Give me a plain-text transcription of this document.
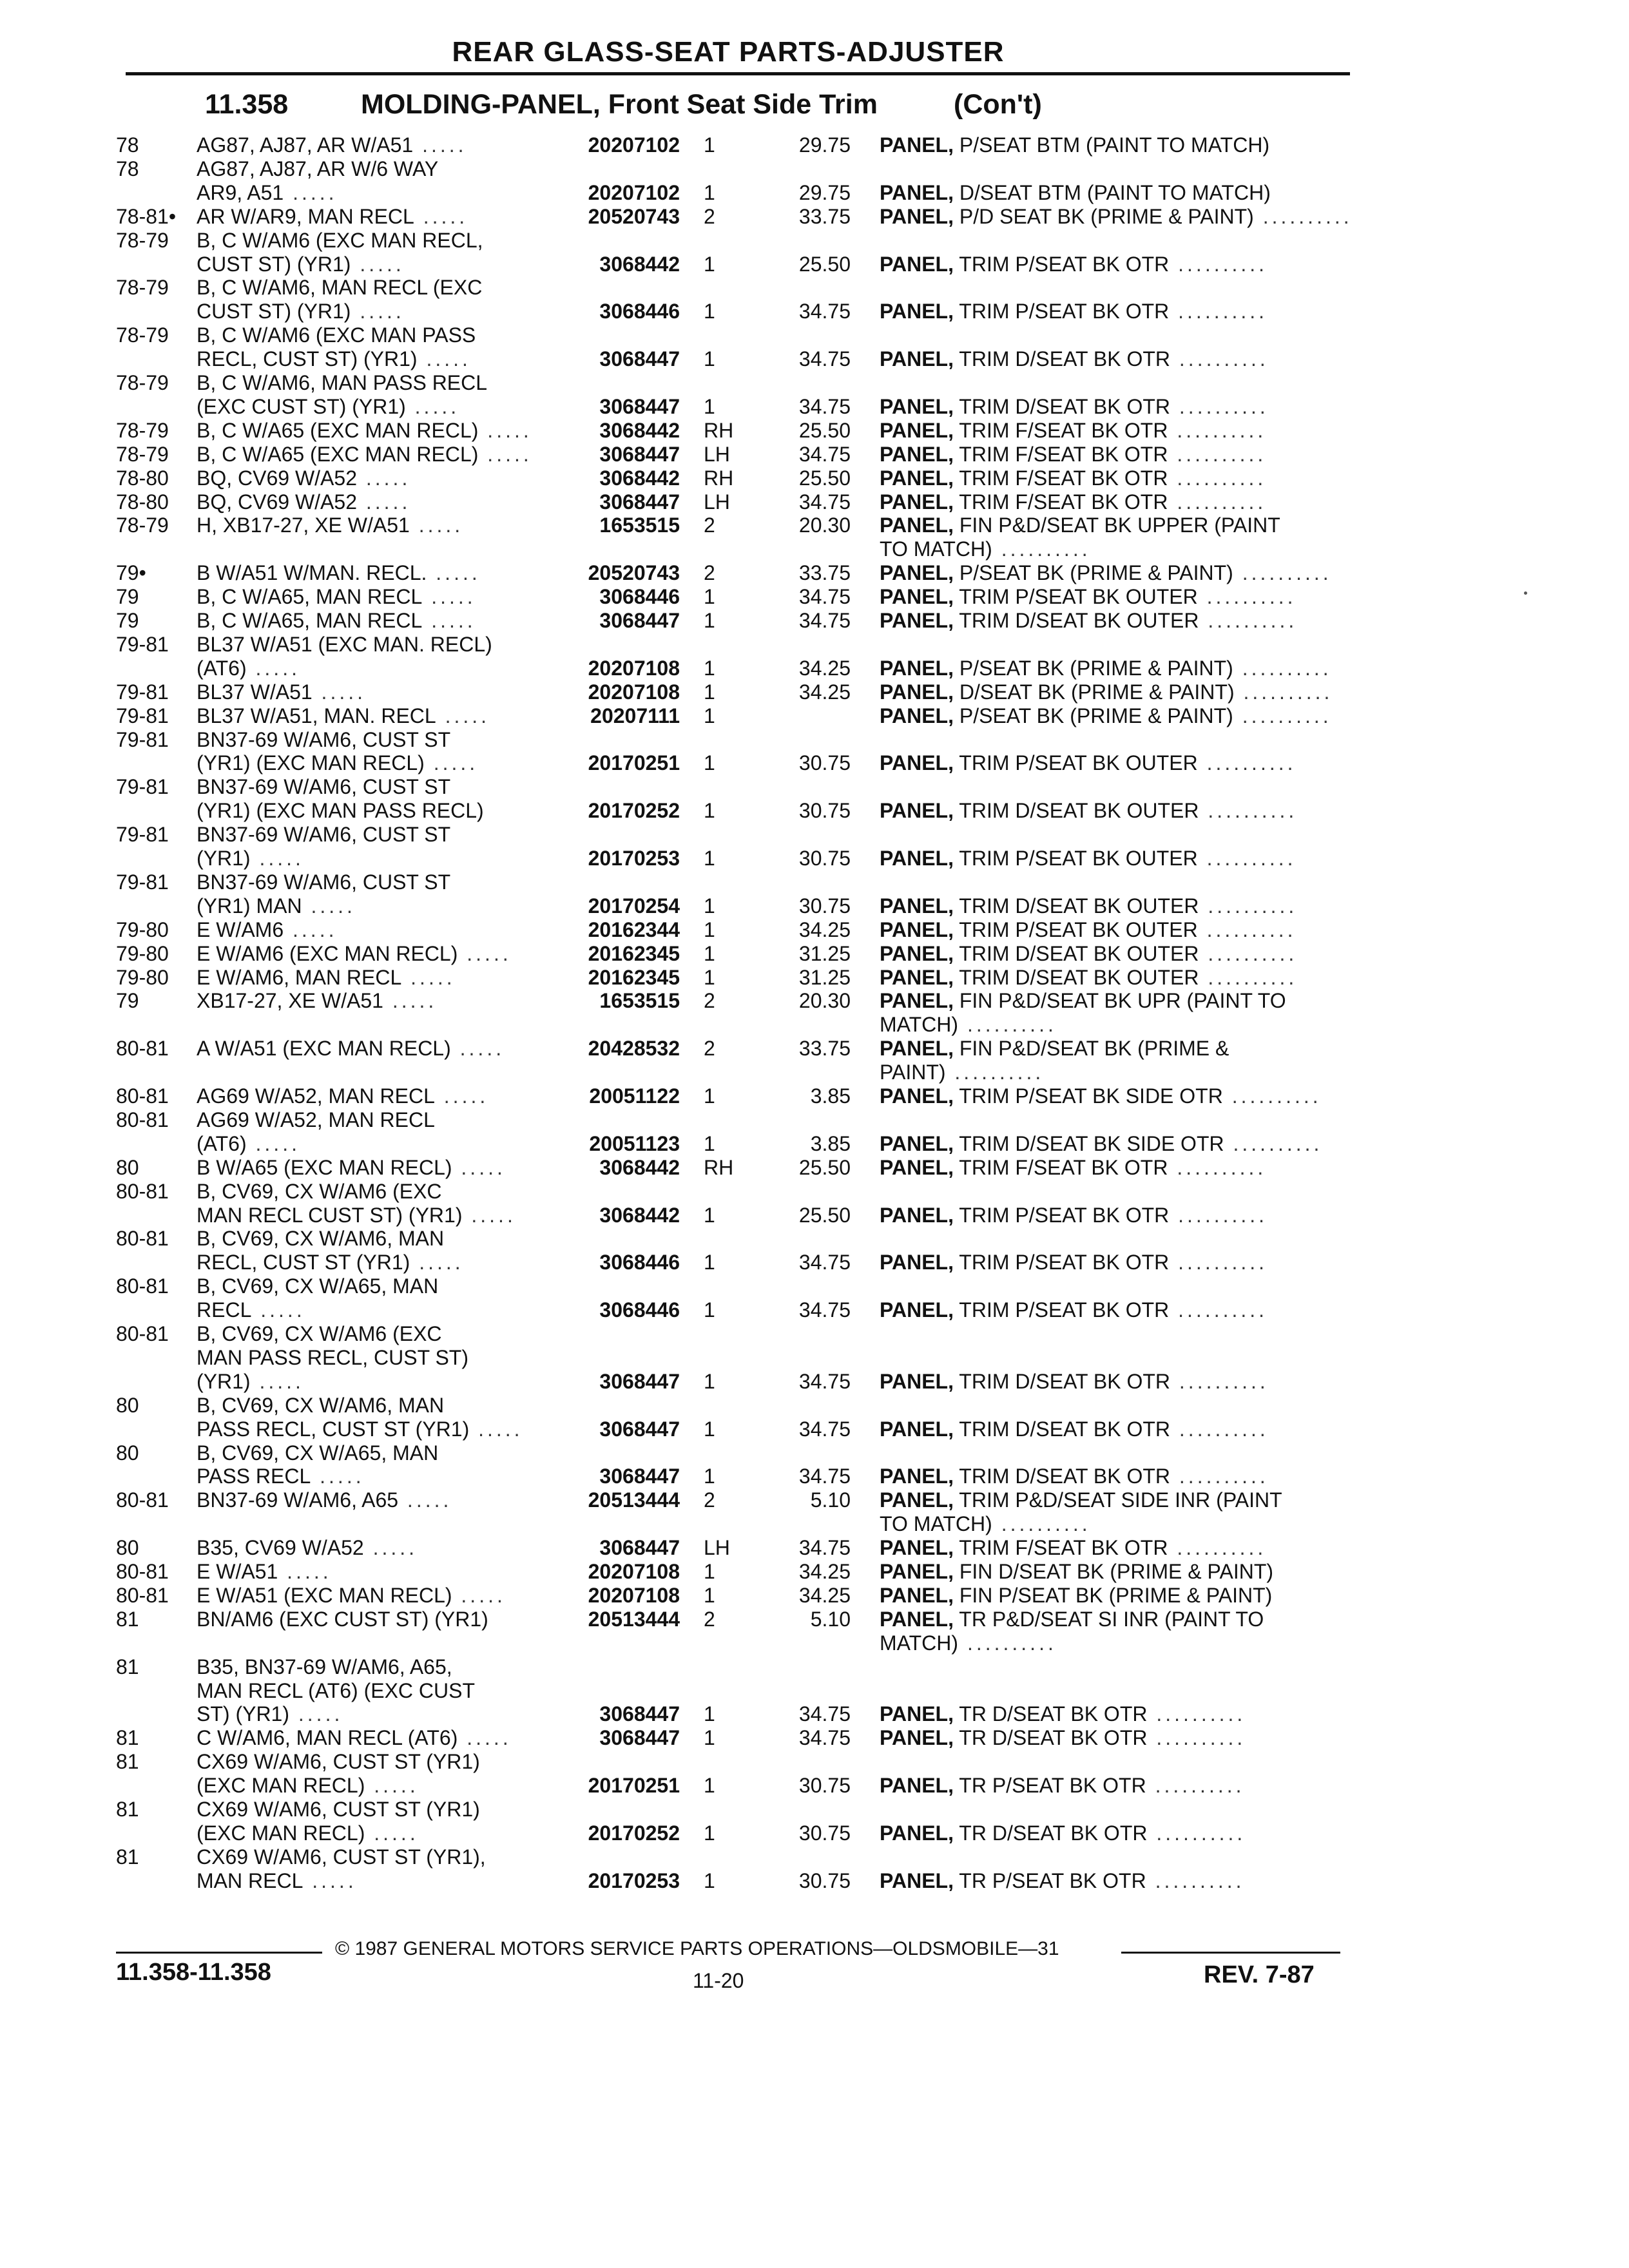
REAR GLASS-SEAT PARTS-ADJUSTER
11.358	MOLDING-PANEL, Front Seat Side Trim	(Con't)
78	AG87, AJ87, AR W/A51 .....	20207102 1	29.75 PANEL, P/SEAT BTM (PAINT TO MATCH)
78	AG87, AJ87, AR W/6 WAY
AR9, A51 .....	20207102 1	29.75 PANEL, D/SEAT BTM (PAINT TO MATCH)
78-81• AR W/AR9, MAN RECL .....	20520743 2	33.75 PANEL, P/D SEAT BK (PRIME & PAINT) ..........
78-79 B, C W/AM6 (EXC MAN RECL,
CUST ST) (YR1) .....	3068442 1	25.50 PANEL, TRIM P/SEAT BK OTR ..........
78-79 B, C W/AM6, MAN RECL (EXC
CUST ST) (YR1) .....	3068446 1	34.75 PANEL, TRIM P/SEAT BK OTR ..........
78-79 B, C W/AM6 (EXC MAN PASS
RECL, CUST ST) (YR1) .....	3068447 1	34.75 PANEL, TRIM D/SEAT BK OTR ..........
78-79 B, C W/AM6, MAN PASS RECL
(EXC CUST ST) (YR1) .....	3068447 1	34.75 PANEL, TRIM D/SEAT BK OTR ..........
78-79 B, C W/A65 (EXC MAN RECL) .....	3068442 RH	25.50 PANEL, TRIM F/SEAT BK OTR ..........
78-79 B, C W/A65 (EXC MAN RECL) .....	3068447 LH	34.75 PANEL, TRIM F/SEAT BK OTR ..........
78-80 BQ, CV69 W/A52 .....	3068442 RH	25.50 PANEL, TRIM F/SEAT BK OTR ..........
78-80 BQ, CV69 W/A52 .....	3068447 LH	34.75 PANEL, TRIM F/SEAT BK OTR ..........
78-79 H, XB17-27, XE W/A51 .....	1653515 2	20.30 PANEL, FIN P&D/SEAT BK UPPER (PAINT
TO MATCH) ..........
79• B W/A51 W/MAN. RECL. .....	20520743 2	33.75 PANEL, P/SEAT BK (PRIME & PAINT) ..........
79	B, C W/A65, MAN RECL .....	3068446 1	34.75 PANEL, TRIM P/SEAT BK OUTER ..........
79	B, C W/A65, MAN RECL .....	3068447 1	34.75 PANEL, TRIM D/SEAT BK OUTER ..........
79-81 BL37 W/A51 (EXC MAN. RECL)
(AT6) .....	20207108 1	34.25 PANEL, P/SEAT BK (PRIME & PAINT) ..........
79-81 BL37 W/A51 .....	20207108 1	34.25 PANEL, D/SEAT BK (PRIME & PAINT) ..........
79-81 BL37 W/A51, MAN. RECL .....	20207111 1	PANEL, P/SEAT BK (PRIME & PAINT) ..........
79-81 BN37-69 W/AM6, CUST ST
(YR1) (EXC MAN RECL) .....	20170251 1	30.75 PANEL, TRIM P/SEAT BK OUTER ..........
79-81 BN37-69 W/AM6, CUST ST
(YR1) (EXC MAN PASS RECL)	20170252 1	30.75 PANEL, TRIM D/SEAT BK OUTER ..........
79-81 BN37-69 W/AM6, CUST ST
(YR1) .....	20170253 1	30.75 PANEL, TRIM P/SEAT BK OUTER ..........
79-81 BN37-69 W/AM6, CUST ST
(YR1) MAN .....	20170254 1	30.75 PANEL, TRIM D/SEAT BK OUTER ..........
79-80 E W/AM6 .....	20162344 1	34.25 PANEL, TRIM P/SEAT BK OUTER ..........
79-80 E W/AM6 (EXC MAN RECL) .....	20162345 1	31.25 PANEL, TRIM D/SEAT BK OUTER ..........
79-80 E W/AM6, MAN RECL .....	20162345 1	31.25 PANEL, TRIM D/SEAT BK OUTER ..........
79	XB17-27, XE W/A51 .....	1653515 2	20.30 PANEL, FIN P&D/SEAT BK UPR (PAINT TO
MATCH) ..........
80-81 A W/A51 (EXC MAN RECL) .....	20428532 2	33.75 PANEL, FIN P&D/SEAT BK (PRIME &
PAINT) ..........
80-81 AG69 W/A52, MAN RECL .....	20051122 1	3.85 PANEL, TRIM P/SEAT BK SIDE OTR ..........
80-81 AG69 W/A52, MAN RECL
(AT6) .....	20051123 1	3.85 PANEL, TRIM D/SEAT BK SIDE OTR ..........
80	B W/A65 (EXC MAN RECL) .....	3068442 RH	25.50 PANEL, TRIM F/SEAT BK OTR ..........
80-81 B, CV69, CX W/AM6 (EXC
MAN RECL CUST ST) (YR1) .....	3068442 1	25.50 PANEL, TRIM P/SEAT BK OTR ..........
80-81 B, CV69, CX W/AM6, MAN
RECL, CUST ST (YR1) .....	3068446 1	34.75 PANEL, TRIM P/SEAT BK OTR ..........
80-81 B, CV69, CX W/A65, MAN
RECL .....	3068446 1	34.75 PANEL, TRIM P/SEAT BK OTR ..........
80-81 B, CV69, CX W/AM6 (EXC
MAN PASS RECL, CUST ST)
(YR1) .....	3068447 1	34.75 PANEL, TRIM D/SEAT BK OTR ..........
80	B, CV69, CX W/AM6, MAN
PASS RECL, CUST ST (YR1) .....	3068447 1	34.75 PANEL, TRIM D/SEAT BK OTR ..........
80	B, CV69, CX W/A65, MAN
PASS RECL .....	3068447 1	34.75 PANEL, TRIM D/SEAT BK OTR ..........
80-81 BN37-69 W/AM6, A65 .....	20513444 2	5.10 PANEL, TRIM P&D/SEAT SIDE INR (PAINT
TO MATCH) ..........
80	B35, CV69 W/A52 .....	3068447 LH	34.75 PANEL, TRIM F/SEAT BK OTR ..........
80-81 E W/A51 .....	20207108 1	34.25 PANEL, FIN D/SEAT BK (PRIME & PAINT)
80-81 E W/A51 (EXC MAN RECL) .....	20207108 1	34.25 PANEL, FIN P/SEAT BK (PRIME & PAINT)
81	BN/AM6 (EXC CUST ST) (YR1)	20513444 2	5.10 PANEL, TR P&D/SEAT SI INR (PAINT TO
MATCH) ..........
81	B35, BN37-69 W/AM6, A65,
MAN RECL (AT6) (EXC CUST
ST) (YR1) .....	3068447 1	34.75 PANEL, TR D/SEAT BK OTR ..........
81	C W/AM6, MAN RECL (AT6) .....	3068447 1	34.75 PANEL, TR D/SEAT BK OTR ..........
81	CX69 W/AM6, CUST ST (YR1)
(EXC MAN RECL) .....	20170251 1	30.75 PANEL, TR P/SEAT BK OTR ..........
81	CX69 W/AM6, CUST ST (YR1)
(EXC MAN RECL) .....	20170252 1	30.75 PANEL, TR D/SEAT BK OTR ..........
81	CX69 W/AM6, CUST ST (YR1),
MAN RECL .....	20170253 1	30.75 PANEL, TR P/SEAT BK OTR ..........
© 1987 GENERAL MOTORS SERVICE PARTS OPERATIONS—OLDSMOBILE—31
11.358-11.358	11-20	REV. 7-87
